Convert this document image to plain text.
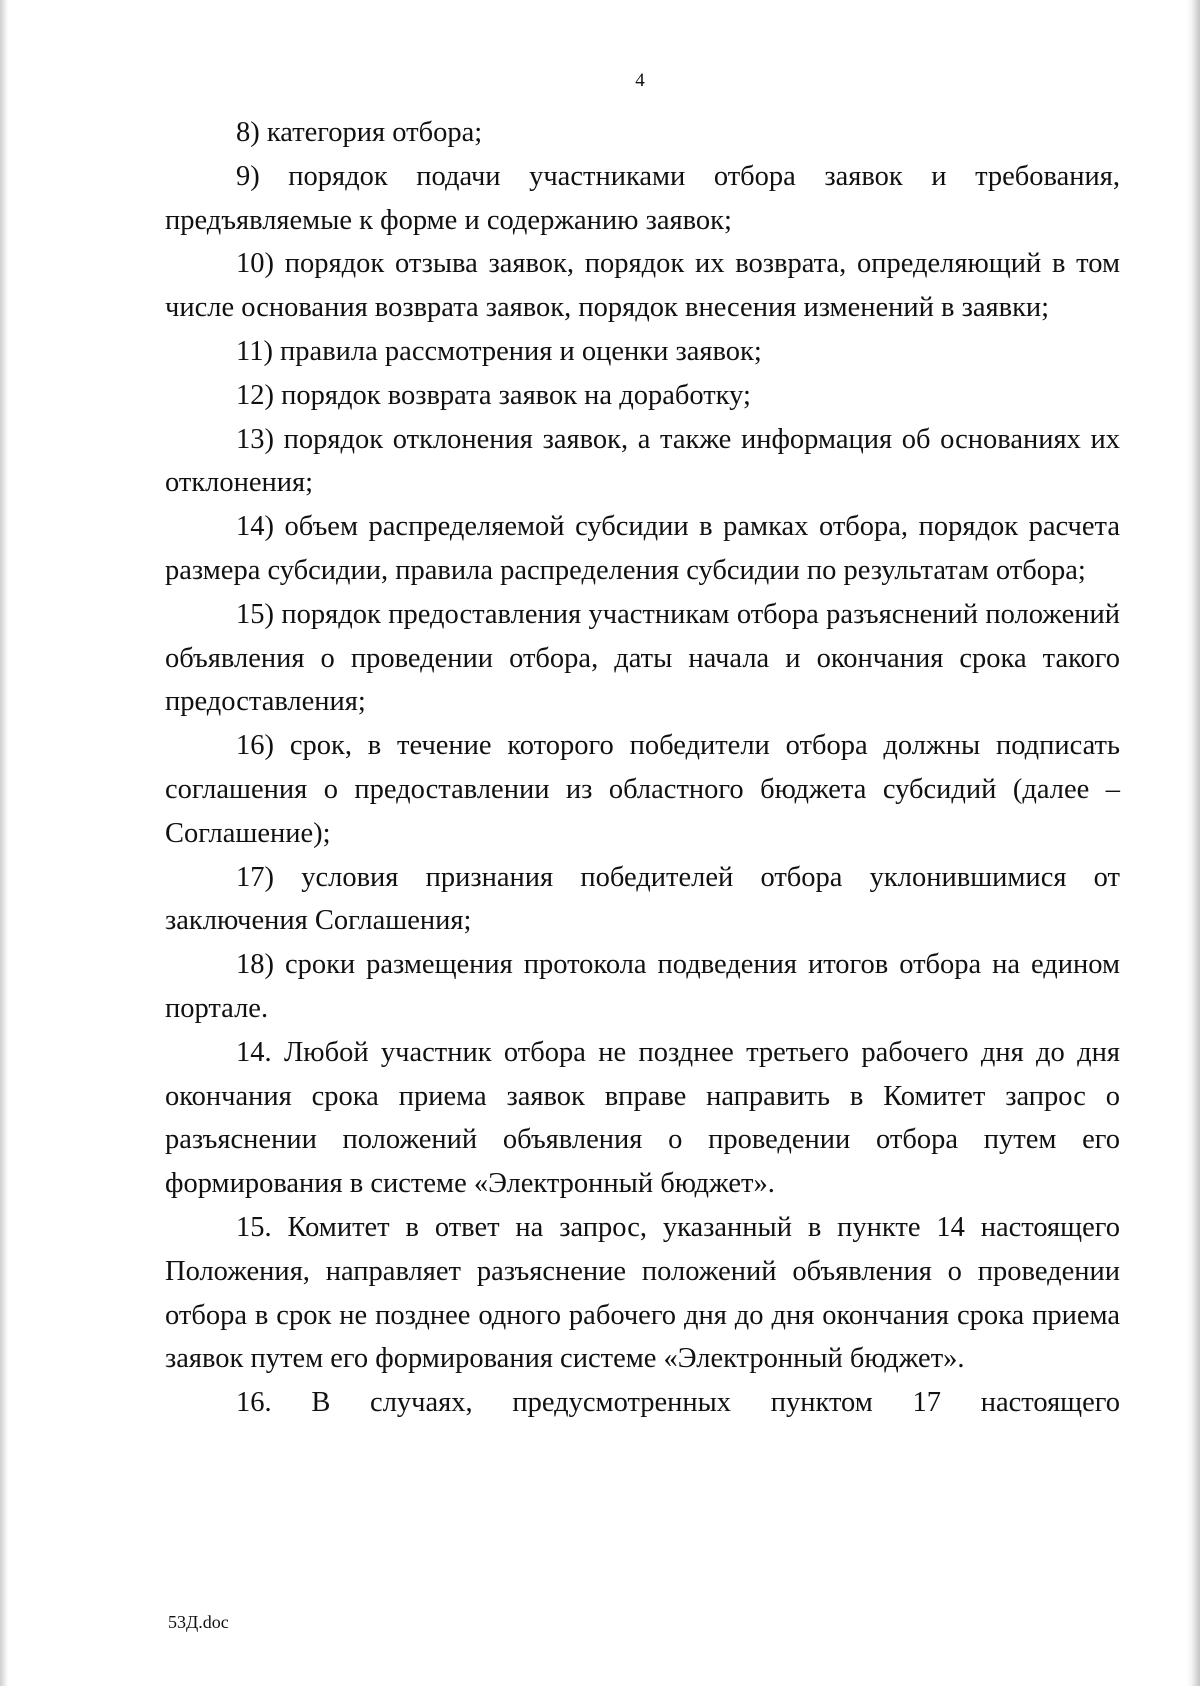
4

8) категория отбора;

9) порядок подачи участниками отбора заявок и требования, предъявляемые к форме и содержанию заявок;

10) порядок отзыва заявок, порядок их возврата, определяющий в том числе основания возврата заявок, порядок внесения изменений в заявки;

11) правила рассмотрения и оценки заявок;

12) порядок возврата заявок на доработку;

13) порядок отклонения заявок, а также информация об основаниях их отклонения;

14) объем распределяемой субсидии в рамках отбора, порядок расчета размера субсидии, правила распределения субсидии по результатам отбора;

15) порядок предоставления участникам отбора разъяснений положений объявления о проведении отбора, даты начала и окончания срока такого предоставления;

16) срок, в течение которого победители отбора должны подписать соглашения о предоставлении из областного бюджета субсидий (далее – Соглашение);

17) условия признания победителей отбора уклонившимися от заключения Соглашения;

18) сроки размещения протокола подведения итогов отбора на едином портале.

14. Любой участник отбора не позднее третьего рабочего дня до дня окончания срока приема заявок вправе направить в Комитет запрос о разъяснении положений объявления о проведении отбора путем его формирования в системе «Электронный бюджет».

15. Комитет в ответ на запрос, указанный в пункте 14 настоящего Положения, направляет разъяснение положений объявления о проведении отбора в срок не позднее одного рабочего дня до дня окончания срока приема заявок путем его формирования системе «Электронный бюджет».

16. В случаях, предусмотренных пунктом 17 настоящего

53Д.doc
